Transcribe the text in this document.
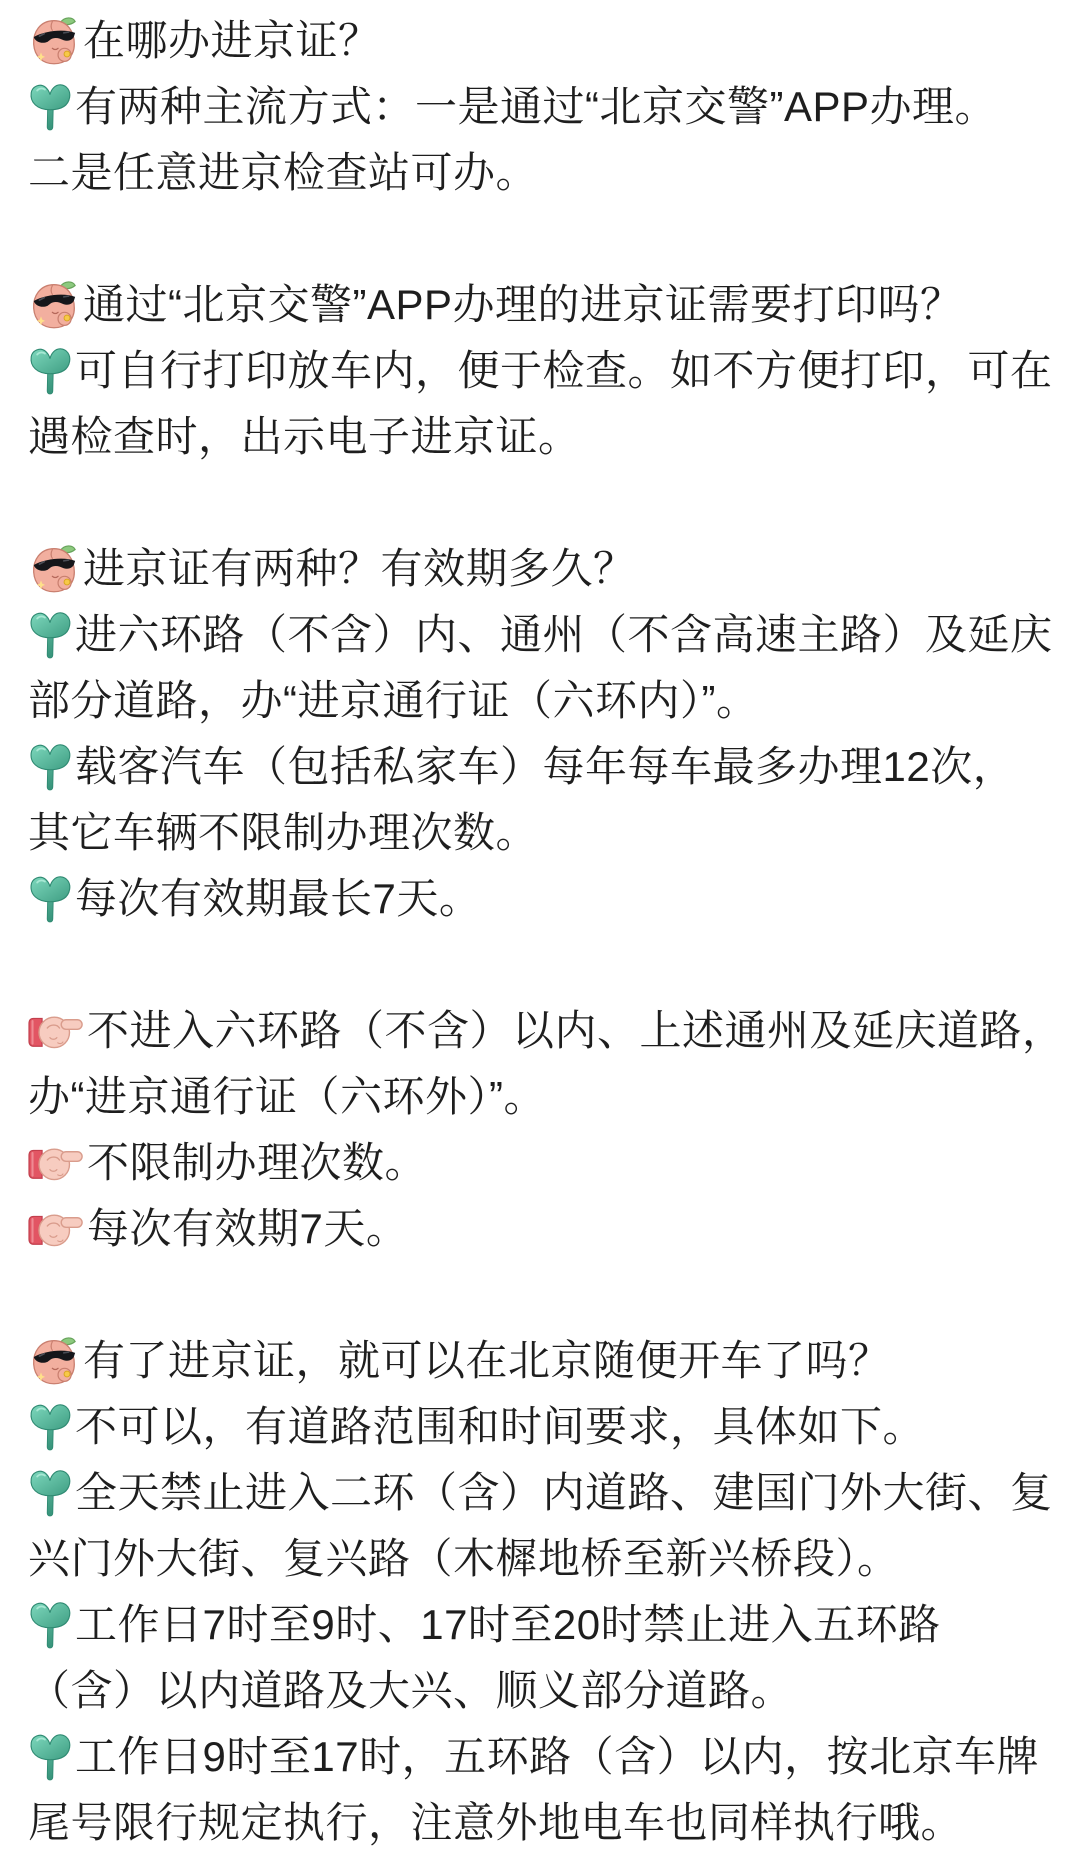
在哪办进京证？
有两种主流方式：一是通过“北京交警”APP办理。
二是任意进京检查站可办。
通过“北京交警”APP办理的进京证需要打印吗？
可自行打印放车内，便于检查。如不方便打印，可在
遇检查时，出示电子进京证。
进京证有两种？有效期多久？
进六环路（不含）内、通州（不含高速主路）及延庆
部分道路，办“进京通行证（六环内）”。
载客汽车（包括私家车）每年每车最多办理12次，
其它车辆不限制办理次数。
每次有效期最长7天。
不进入六环路（不含）以内、上述通州及延庆道路，
办“进京通行证（六环外）”。
不限制办理次数。
每次有效期7天。
有了进京证，就可以在北京随便开车了吗？
不可以，有道路范围和时间要求，具体如下。
全天禁止进入二环（含）内道路、建国门外大街、复
兴门外大街、复兴路（木樨地桥至新兴桥段）。
工作日7时至9时、17时至20时禁止进入五环路
（含）以内道路及大兴、顺义部分道路。
工作日9时至17时，五环路（含）以内，按北京车牌
尾号限行规定执行，注意外地电车也同样执行哦。
